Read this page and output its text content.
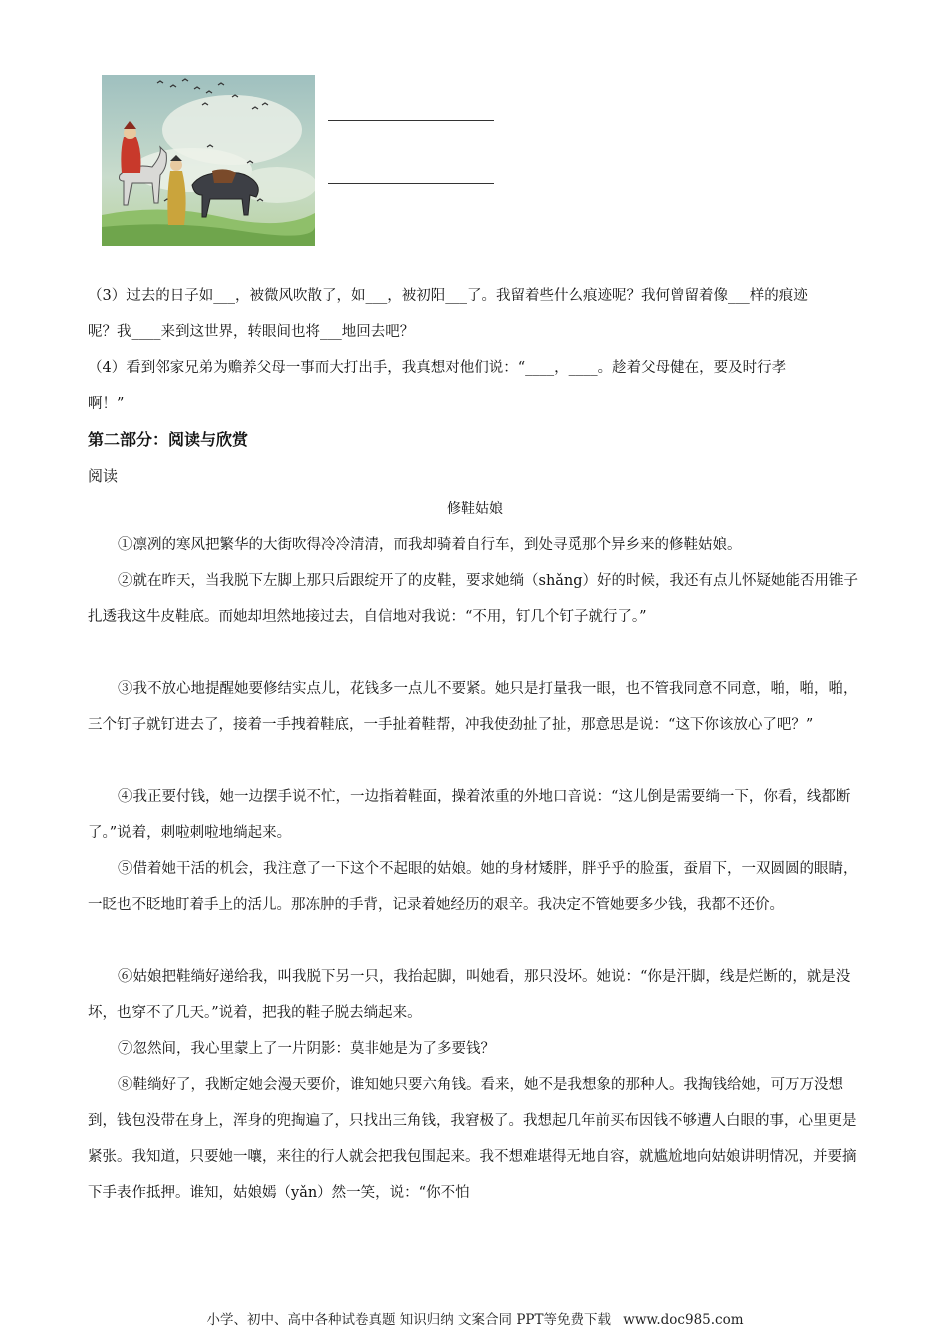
（3）过去的日子如___，被微风吹散了，如___，被初阳___了。我留着些什么痕迹呢？我何曾留着像___样的痕迹

呢？我____来到这世界，转眼间也将___地回去吧？

（4）看到邻家兄弟为赡养父母一事而大打出手，我真想对他们说：“____，____。趁着父母健在，要及时行孝

啊！”

第二部分：阅读与欣赏

阅读

修鞋姑娘

①凛冽的寒风把繁华的大街吹得冷冷清清，而我却骑着自行车，到处寻觅那个异乡来的修鞋姑娘。

②就在昨天，当我脱下左脚上那只后跟绽开了的皮鞋，要求她绱（shǎng）好的时候，我还有点儿怀疑她能否用锥子扎透我这牛皮鞋底。而她却坦然地接过去，自信地对我说：“不用，钉几个钉子就行了。”

③我不放心地提醒她要修结实点儿，花钱多一点儿不要紧。她只是打量我一眼，也不管我同意不同意，啪，啪，啪，三个钉子就钉进去了，接着一手拽着鞋底，一手扯着鞋帮，冲我使劲扯了扯，那意思是说：“这下你该放心了吧？”

④我正要付钱，她一边摆手说不忙，一边指着鞋面，操着浓重的外地口音说：“这儿倒是需要绱一下，你看，线都断了。”说着，刺啦刺啦地绱起来。

⑤借着她干活的机会，我注意了一下这个不起眼的姑娘。她的身材矮胖，胖乎乎的脸蛋，蚕眉下，一双圆圆的眼睛，一眨也不眨地盯着手上的活儿。那冻肿的手背，记录着她经历的艰辛。我决定不管她要多少钱，我都不还价。

⑥姑娘把鞋绱好递给我，叫我脱下另一只，我抬起脚，叫她看，那只没坏。她说：“你是汗脚，线是烂断的，就是没坏，也穿不了几天。”说着，把我的鞋子脱去绱起来。

⑦忽然间，我心里蒙上了一片阴影：莫非她是为了多要钱？

⑧鞋绱好了，我断定她会漫天要价，谁知她只要六角钱。看来，她不是我想象的那种人。我掏钱给她，可万万没想到，钱包没带在身上，浑身的兜掏遍了，只找出三角钱，我窘极了。我想起几年前买布因钱不够遭人白眼的事，心里更是紧张。我知道，只要她一嚷，来往的行人就会把我包围起来。我不想难堪得无地自容，就尴尬地向姑娘讲明情况，并要摘下手表作抵押。谁知，姑娘嫣（yǎn）然一笑，说：“你不怕

小学、初中、高中各种试卷真题 知识归纳 文案合同 PPT等免费下载 www.doc985.com
